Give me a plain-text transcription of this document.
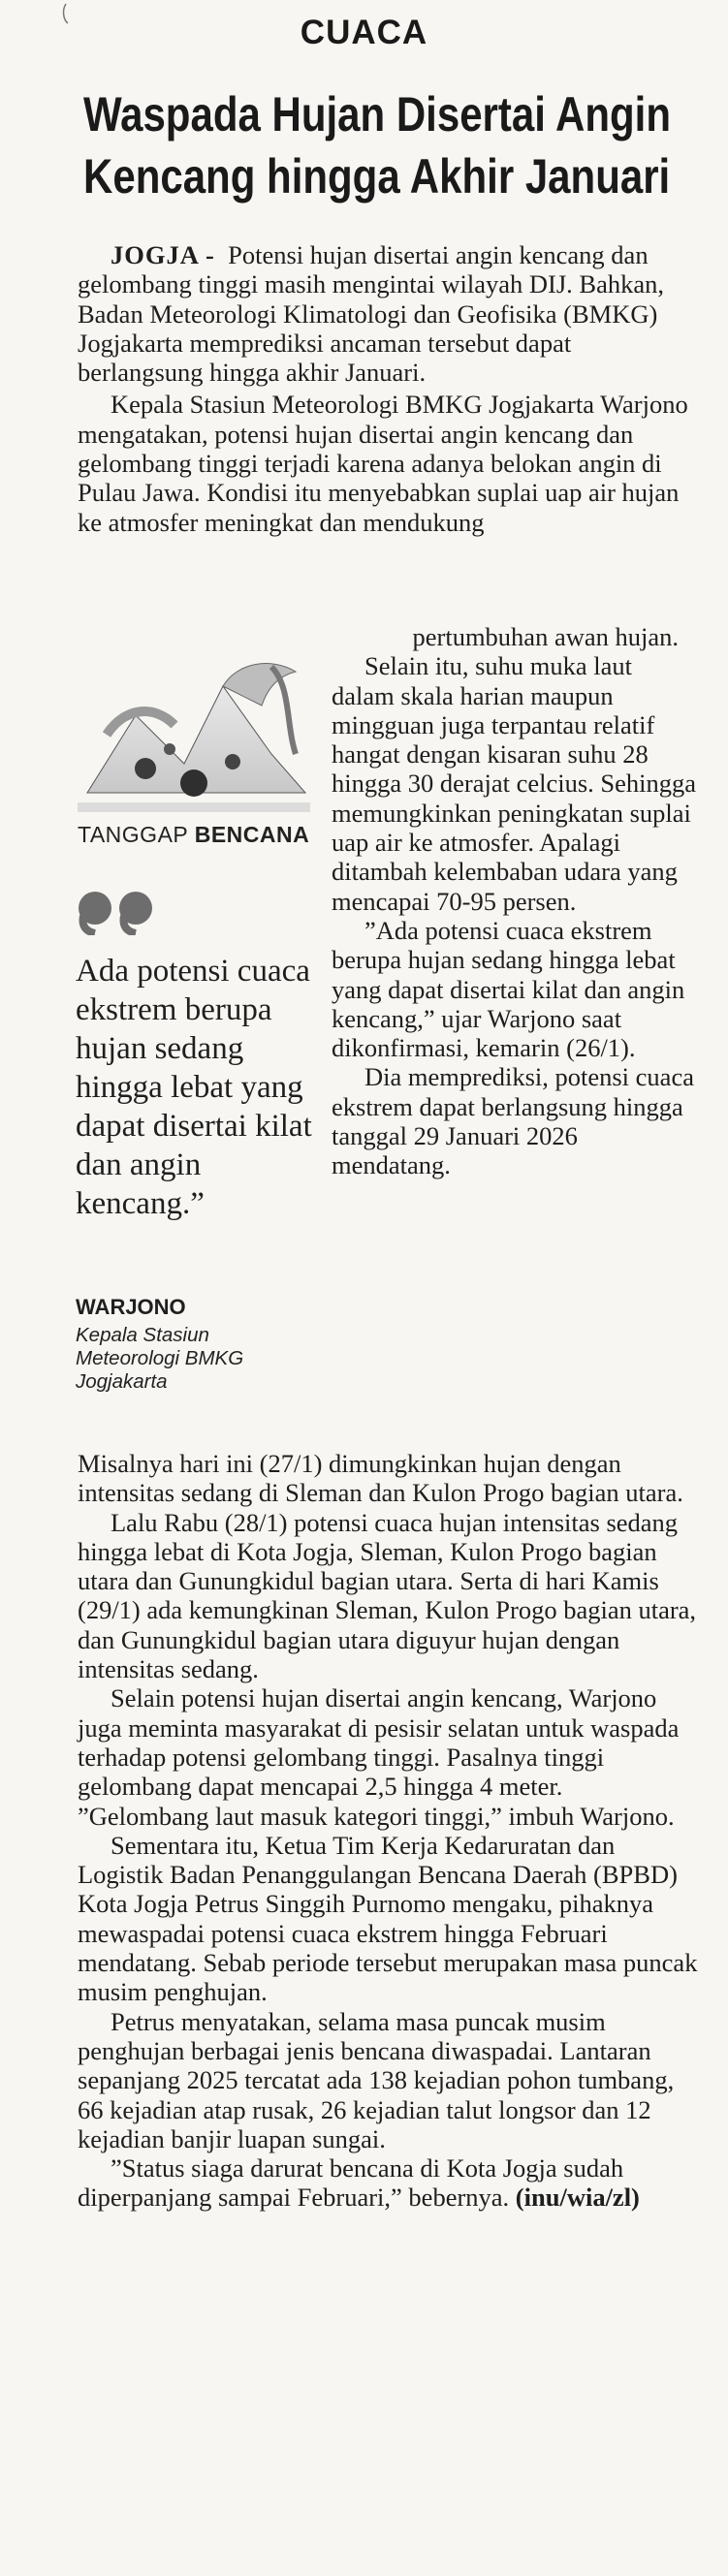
CUACA
Waspada Hujan Disertai Angin
Kencang hingga Akhir Januari

JOGJA - Potensi hujan disertai angin kencang dan gelombang tinggi masih mengintai wilayah DIJ. Bahkan, Badan Meteorologi Klimatologi dan Geofisika (BMKG) Jogjakarta memprediksi ancaman tersebut dapat berlangsung hingga akhir Januari.

Kepala Stasiun Meteorologi BMKG Jogjakarta Warjono mengatakan, potensi hujan disertai angin kencang dan gelombang tinggi terjadi karena adanya belokan angin di Pulau Jawa. Kondisi itu menyebabkan suplai uap air hujan ke atmosfer meningkat dan mendukung

pertumbuhan awan hujan.

Selain itu, suhu muka laut dalam skala harian maupun mingguan juga terpantau relatif hangat dengan kisaran suhu 28 hingga 30 derajat celcius. Sehingga memungkinkan peningkatan suplai uap air ke atmosfer. Apalagi ditambah kelembaban udara yang mencapai 70-95 persen.

”Ada potensi cuaca ekstrem berupa hujan sedang hingga lebat yang dapat disertai kilat dan angin kencang,” ujar Warjono saat dikonfirmasi, kemarin (26/1).

Dia memprediksi, potensi cuaca ekstrem dapat berlangsung hingga tanggal 29 Januari 2026 mendatang.

TANGGAP BENCANA
Ada potensi cuaca ekstrem berupa hujan sedang hingga lebat yang dapat disertai kilat dan angin kencang.”
WARJONO
Kepala Stasiun Meteorologi BMKG Jogjakarta

Misalnya hari ini (27/1) dimungkinkan hujan dengan intensitas sedang di Sleman dan Kulon Progo bagian utara.

Lalu Rabu (28/1) potensi cuaca hujan intensitas sedang hingga lebat di Kota Jogja, Sleman, Kulon Progo bagian utara dan Gunungkidul bagian utara. Serta di hari Kamis (29/1) ada kemungkinan Sleman, Kulon Progo bagian utara, dan Gunungkidul bagian utara diguyur hujan dengan intensitas sedang.

Selain potensi hujan disertai angin kencang, Warjono juga meminta masyarakat di pesisir selatan untuk waspada terhadap potensi gelombang tinggi. Pasalnya tinggi gelombang dapat mencapai 2,5 hingga 4 meter. ”Gelombang laut masuk kategori tinggi,” imbuh Warjono.

Sementara itu, Ketua Tim Kerja Kedaruratan dan Logistik Badan Penanggulangan Bencana Daerah (BPBD) Kota Jogja Petrus Singgih Purnomo mengaku, pihaknya mewaspadai potensi cuaca ekstrem hingga Februari mendatang. Sebab periode tersebut merupakan masa puncak musim penghujan.

Petrus menyatakan, selama masa puncak musim penghujan berbagai jenis bencana diwaspadai. Lantaran sepanjang 2025 tercatat ada 138 kejadian pohon tumbang, 66 kejadian atap rusak, 26 kejadian talut longsor dan 12 kejadian banjir luapan sungai.

”Status siaga darurat bencana di Kota Jogja sudah diperpanjang sampai Februari,” bebernya. (inu/wia/zl)
